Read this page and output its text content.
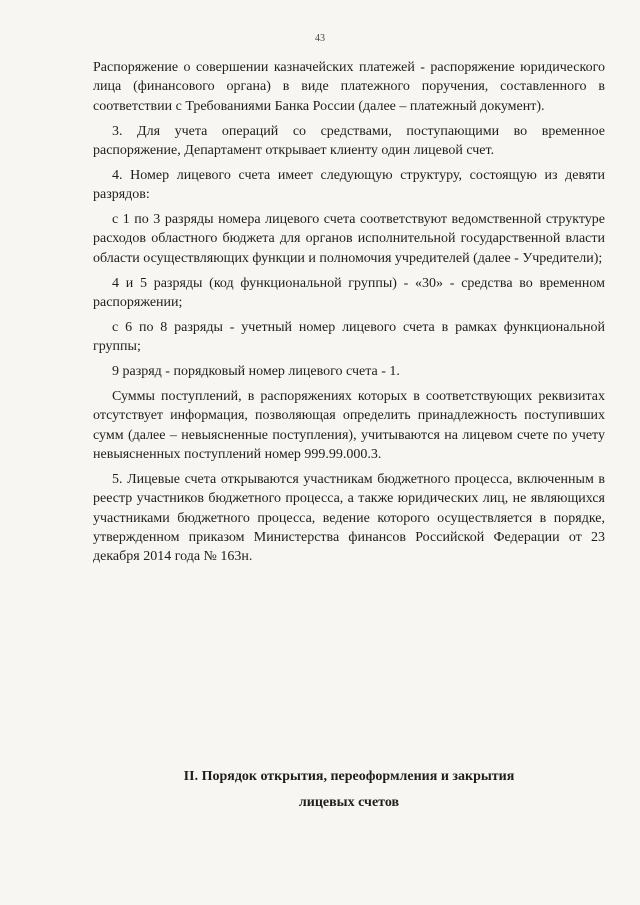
43

Распоряжение о совершении казначейских платежей - распоряжение юридического лица (финансового органа) в виде платежного поручения, составленного в соответствии с Требованиями Банка России (далее – платежный документ).

3. Для учета операций со средствами, поступающими во временное распоряжение, Департамент открывает клиенту один лицевой счет.

4. Номер лицевого счета имеет следующую структуру, состоящую из девяти разрядов:

с 1 по 3 разряды номера лицевого счета соответствуют ведомственной структуре расходов областного бюджета для органов исполнительной государственной власти области осуществляющих функции и полномочия учредителей (далее - Учредители);

4 и 5 разряды (код функциональной группы) - «30» - средства во временном распоряжении;

с 6 по 8 разряды - учетный номер лицевого счета в рамках функциональной группы;

9 разряд - порядковый номер лицевого счета - 1.

Суммы поступлений, в распоряжениях которых в соответствующих реквизитах отсутствует информация, позволяющая определить принадлежность поступивших сумм (далее – невыясненные поступления), учитываются на лицевом счете по учету невыясненных поступлений номер 999.99.000.3.

5. Лицевые счета открываются участникам бюджетного процесса, включенным в реестр участников бюджетного процесса, а также юридических лиц, не являющихся участниками бюджетного процесса, ведение которого осуществляется в порядке, утвержденном приказом Министерства финансов Российской Федерации от 23 декабря 2014 года № 163н.

II. Порядок открытия, переоформления и закрытия
лицевых счетов
